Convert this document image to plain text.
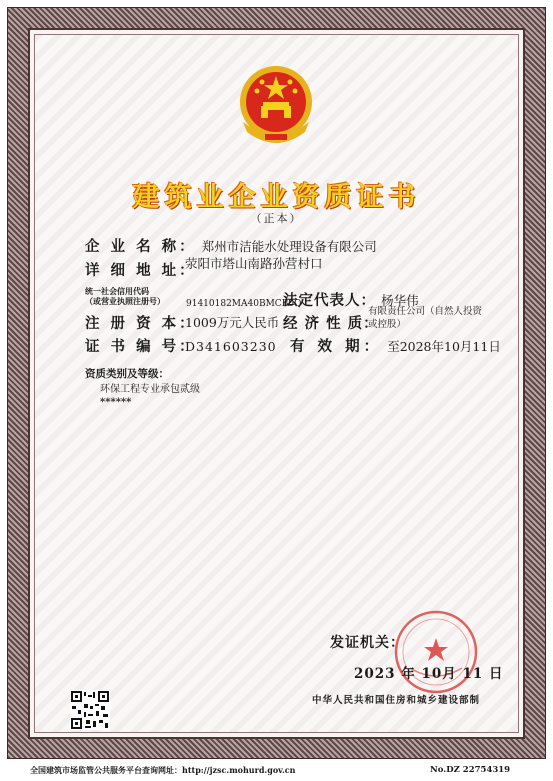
建筑业企业资质证书
（正本）
企 业 名 称： 郑州市洁能水处理设备有限公司
详 细 地 址：
荥阳市塔山南路孙营村口
统一社会信用代码
（或营业执照注册号） 91410182MA40BMCB0Q
法定代表人： 杨华伟
注 册 资 本：
1009万元人民币 经 济 性 质：
有限责任公司（自然人投资
或控股）
证 书 编 号：
D341603230 有 效 期： 至2028年10月11日
资质类别及等级：
环保工程专业承包贰级
******
发证机关：
2023 年 10月 11 日
中华人民共和国住房和城乡建设部制
全国建筑市场监管公共服务平台查询网址：http://jzsc.mohurd.gov.cn	No.DZ 22754319
